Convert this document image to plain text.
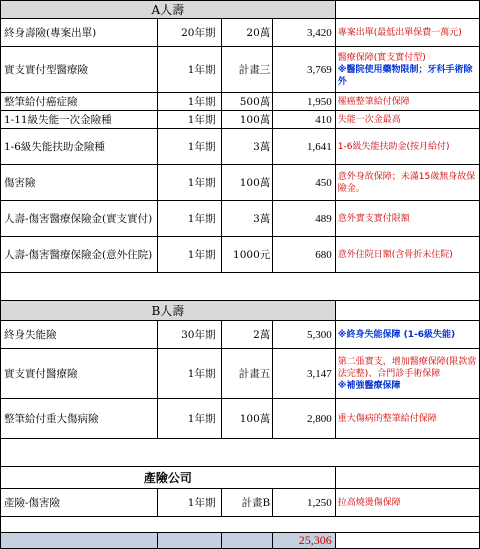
A人壽				
終身壽險(專案出單)	20年期	20萬	3,420	專案出單(最低出單保費一萬元)
實支實付型醫療險	1年期	計畫三	3,769	醫療保障(實支實付型)
※醫院使用藥物限制；牙科手術除外

整筆給付癌症險	1年期	500萬	1,950	罹癌整筆給付保障
1-11級失能一次金險種	1年期	100萬	410	失能一次金最高
1-6級失能扶助金險種	1年期	3萬	1,641	1-6級失能扶助金(按月給付)
傷害險	1年期	100萬	450	意外身故保障；未滿15歲無身故保險金。
人壽-傷害醫療保險金(實支實付)	1年期	3萬	489	意外實支實付限額
人壽-傷害醫療保險金(意外住院)	1年期	1000元	680	意外住院日額(含骨折未住院)

B人壽				
終身失能險	30年期	2萬	5,300	※終身失能保障 (1-6級失能)
實支實付醫療險	1年期	計畫五	3,147	第二張實支，增加醫療保障(限款當法完整)、合門診手術保障
※補強醫療保障

整筆給付重大傷病險	1年期	100萬	2,800	重大傷病的整筆給付保障

產險公司				
產險-傷害險	1年期	計畫B	1,250	拉高燒燙傷保障

			25,306	
